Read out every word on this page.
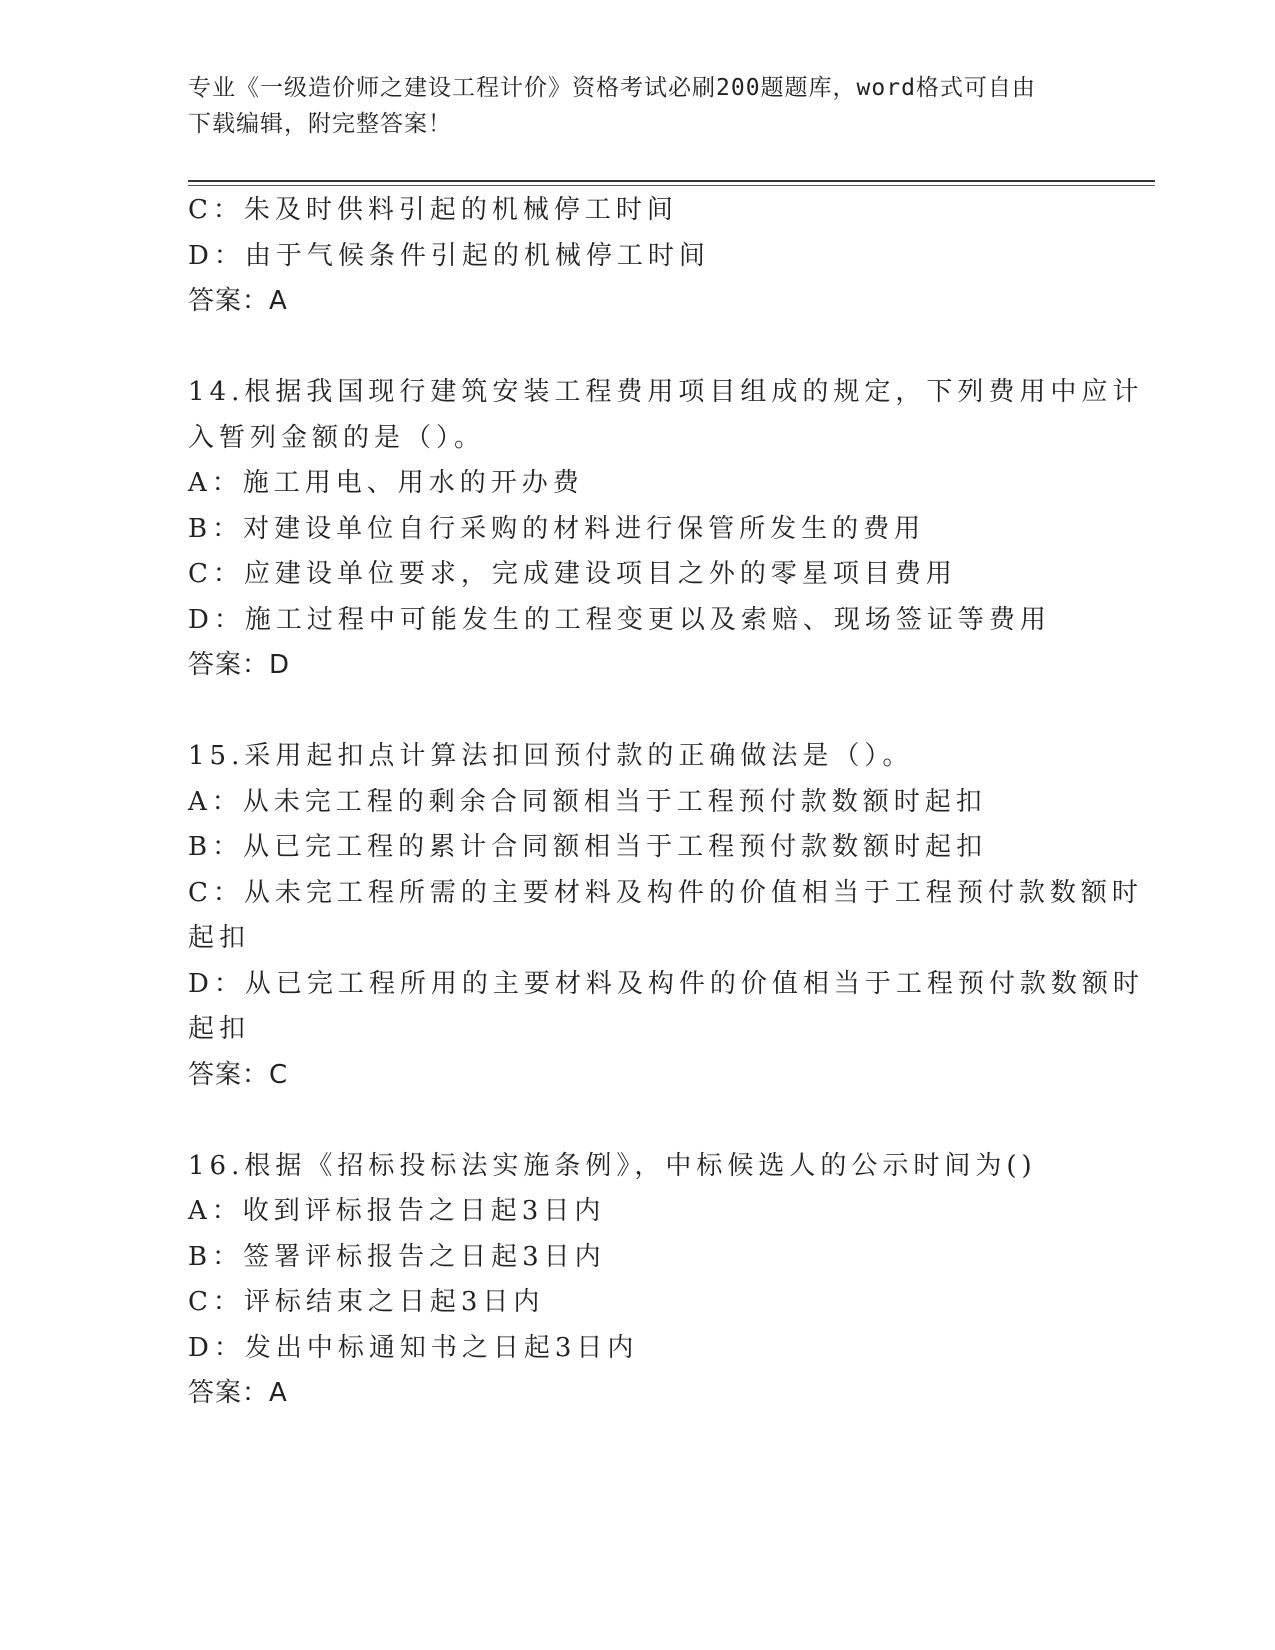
专业《一级造价师之建设工程计价》资格考试必刷200题题库，word格式可自由
下载编辑，附完整答案！
C：朱及时供料引起的机械停工时间
D：由于气候条件引起的机械停工时间
答案：A
14.根据我国现行建筑安装工程费用项目组成的规定，下列费用中应计
入暂列金额的是（）。
A：施工用电、用水的开办费
B：对建设单位自行采购的材料进行保管所发生的费用
C：应建设单位要求，完成建设项目之外的零星项目费用
D：施工过程中可能发生的工程变更以及索赔、现场签证等费用
答案：D
15.采用起扣点计算法扣回预付款的正确做法是（）。
A：从未完工程的剩余合同额相当于工程预付款数额时起扣
B：从已完工程的累计合同额相当于工程预付款数额时起扣
C：从未完工程所需的主要材料及构件的价值相当于工程预付款数额时
起扣
D：从已完工程所用的主要材料及构件的价值相当于工程预付款数额时
起扣
答案：C
16.根据《招标投标法实施条例》，中标候选人的公示时间为()
A：收到评标报告之日起3日内
B：签署评标报告之日起3日内
C：评标结束之日起3日内
D：发出中标通知书之日起3日内
答案：A
